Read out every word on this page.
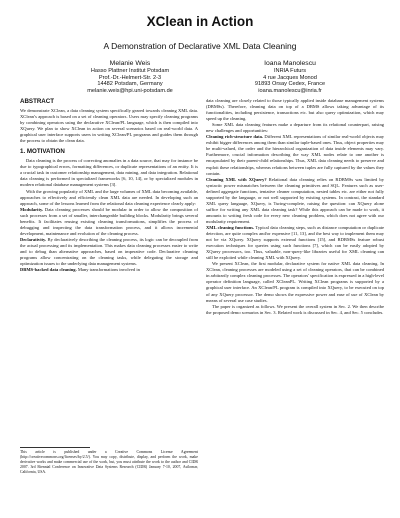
XClean in Action
A Demonstration of Declarative XML Data Cleaning
Melanie Weis
Hasso Plattner Institut Potsdam
Prof.-Dr.-Helmert-Str. 2-3
14482 Potsdam, Germany
melanie.weis@hpi.uni-potsdam.de
Ioana Manolescu
INRIA Futurs
4 rue Jacques Monod
91893 Orsay Cedex, France
ioana.manolescu@inria.fr
ABSTRACT

We demonstrate XClean, a data cleaning system specifically geared towards cleaning XML data. XClean’s approach is based on a set of cleaning operators. Users may specify cleaning programs by combining operators using the declarative XClean/PL language, which is then compiled into XQuery. We plan to show XClean in action on several scenarios based on real-world data. A graphical user interface supports users in writing XClean/PL programs and guides them through the process to obtain the clean data.

1. MOTIVATION

Data cleaning is the process of correcting anomalies in a data source, that may for instance be due to typographical errors, formatting differences, or duplicate representations of an entity. It is a crucial task in customer relationship management, data mining, and data integration. Relational data cleaning is performed in specialized frameworks [6, 10, 14], or by specialized modules in modern relational database management systems [3].

With the growing popularity of XML and the large volumes of XML data becoming available, approaches to effectively and efficiently clean XML data are needed. In developing such an approach, some of the lessons learned from the relational data cleaning experience clearly apply:

Modularity. Data cleaning processes should be modular in order to allow the composition of such processes from a set of smaller, interchangeable building blocks. Modularity brings several benefits. It facilitates reusing existing cleaning transformations, simplifies the process of debugging and inspecting the data transformation process, and it allows incremental development, maintenance and evolution of the cleaning process.

Declarativity. By declaratively describing the cleaning process, its logic can be decoupled from the actual processing and its implementation. This makes data cleaning processes easier to write and to debug than alternative approaches, based on imperative code. Declarative cleaning programs allow concentrating on the cleaning tasks, while delegating the storage and optimization issues to the underlying data management systems.

DBMS-backed data cleaning. Many transformations involved in

This article is published under a Creative Commons License Agreement (http://creativecommons.org/licenses/by/2.5/). You may copy, distribute, display, and perform the work, make derivative works and make commercial use of the work, but, you must attribute the work to the author and CIDR 2007. 3rd Biennial Conference on Innovative Data Systems Research (CIDR) January 7-10, 2007, Asilomar, California, USA.

data cleaning are closely related to those typically applied inside database management systems (DBMSs). Therefore, cleaning data on top of a DBMS allows taking advantage of its functionalities, including persistence, transactions etc. but also query optimization, which may speed up the cleaning.

Some XML data cleaning features make a departure from its relational counterpart, raising new challenges and opportunities:

Cleaning rich-structure data. Different XML representations of similar real-world objects may exhibit bigger differences among them than similar tuple-based ones. Thus, object properties may be multi-valued, the order and the hierarchical organization of data inside elements may vary. Furthermore, crucial information describing the way XML nodes relate to one another is encapsulated by their parent-child relationships. Thus, XML data cleaning needs to preserve and exploit these relationships, whereas relations between tuples are fully captured by the values they contain.

Cleaning XML with XQuery? Relational data cleaning relies on RDBMSs was limited by syntactic power mismatches between the cleaning primitives and SQL. Features such as user-defined aggregate functions, tentative cleaner computation, nested tables etc. are either not fully supported by the language, or not well supported by existing systems. In contrast, the standard XML query language, XQuery, is Turing-complete, raising the question: can XQuery alone suffice for writing any XML data cleaning task? While this approach can be made to work, it amounts to writing fresh code for every new cleaning problem, which does not agree with our modularity requirement.

XML cleaning functions. Typical data cleaning steps, such as distance computation or duplicate detection, are quite complex and/or expensive [11, 13], and the best way to implement them may not be via XQuery. XQuery supports external functions [15], and RDBMSs feature robust execution techniques for queries using such functions [7], which can be easily adopted by XQuery processors, too. Thus, valuable, non-query-like libraries useful for XML cleaning can still be exploited while cleaning XML with XQuery.

We present XClean, the first modular, declarative system for native XML data cleaning. In XClean, cleaning processes are modeled using a set of cleaning operators, that can be combined in arbitrarily complex cleaning processes. The operators' specification is expressed in a high-level operator definition language, called XCleanPL. Writing XClean programs is supported by a graphical user interface. An XClean/PL program is compiled into XQuery, to be executed on top of any XQuery processor. The demo shows the expressive power and ease of use of XClean by means of several use case studies.

The paper is organized as follows. We present the overall system in Sec. 2. We then describe the proposed demo scenarios in Sec. 3. Related work is discussed in Sec. 4, and Sec. 5 concludes.
